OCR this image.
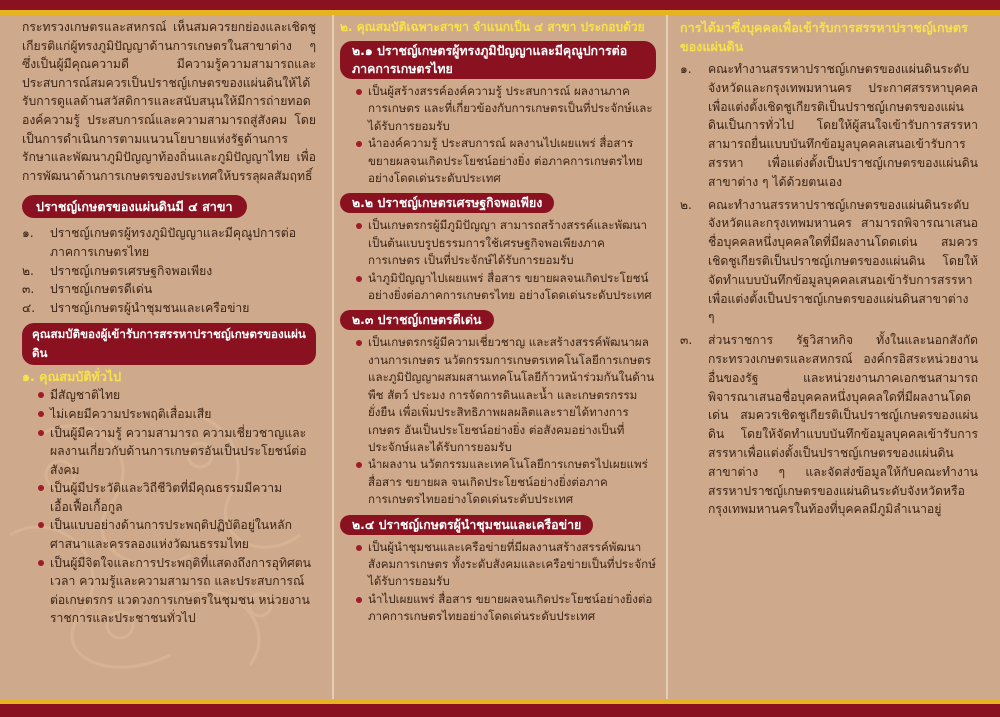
กระทรวงเกษตรและสหกรณ์ เห็นสมควรยกย่องและเชิดชูเกียรติแก่ผู้ทรงภูมิปัญญาด้านการเกษตรในสาขาต่าง ๆ ซึ่งเป็นผู้มีคุณความดี มีความรู้ความสามารถและประสบการณ์สมควรเป็นปราชญ์เกษตรของแผ่นดินให้ได้รับการดูแลด้านสวัสดิการและสนับสนุนให้มีการถ่ายทอดองค์ความรู้ ประสบการณ์และความสามารถสู่สังคม โดยเป็นการดำเนินการตามแนวนโยบายแห่งรัฐด้านการรักษาและพัฒนาภูมิปัญญาท้องถิ่นและภูมิปัญญาไทย เพื่อการพัฒนาด้านการเกษตรของประเทศให้บรรลุผลสัมฤทธิ์

ปราชญ์เกษตรของแผ่นดินมี ๔ สาขา
๑. ปราชญ์เกษตรผู้ทรงภูมิปัญญาและมีคุณูปการต่อภาคการเกษตรไทย
๒. ปราชญ์เกษตรเศรษฐกิจพอเพียง
๓. ปราชญ์เกษตรดีเด่น
๔. ปราชญ์เกษตรผู้นำชุมชนและเครือข่าย
คุณสมบัติของผู้เข้ารับการสรรหาปราชญ์เกษตรของแผ่นดิน
๑. คุณสมบัติทั่วไป
มีสัญชาติไทย
ไม่เคยมีความประพฤติเสื่อมเสีย
เป็นผู้มีความรู้ ความสามารถ ความเชี่ยวชาญและผลงานเกี่ยวกับด้านการเกษตรอันเป็นประโยชน์ต่อสังคม
เป็นผู้มีประวัติและวิถีชีวิตที่มีคุณธรรมมีความเอื้อเฟื้อเกื้อกูล
เป็นแบบอย่างด้านการประพฤติปฏิบัติอยู่ในหลักศาสนาและครรลองแห่งวัฒนธรรมไทย
เป็นผู้มีจิตใจและการประพฤติที่แสดงถึงการอุทิศตน เวลา ความรู้และความสามารถ และประสบการณ์ต่อเกษตรกร แวดวงการเกษตรในชุมชน หน่วยงานราชการและประชาชนทั่วไป
๒. คุณสมบัติเฉพาะสาขา จำแนกเป็น ๔ สาขา ประกอบด้วย
๒.๑ ปราชญ์เกษตรผู้ทรงภูมิปัญญาและมีคุณูปการต่อภาคการเกษตรไทย
เป็นผู้สร้างสรรค์องค์ความรู้ ประสบการณ์ ผลงานภาคการเกษตร และที่เกี่ยวข้องกับการเกษตรเป็นที่ประจักษ์และได้รับการยอมรับ
นำองค์ความรู้ ประสบการณ์ ผลงานไปเผยแพร่ สื่อสาร ขยายผลจนเกิดประโยชน์อย่างยิ่ง ต่อภาคการเกษตรไทยอย่างโดดเด่นระดับประเทศ
๒.๒ ปราชญ์เกษตรเศรษฐกิจพอเพียง
เป็นเกษตรกรผู้มีภูมิปัญญา สามารถสร้างสรรค์และพัฒนาเป็นต้นแบบรูปธรรมการใช้เศรษฐกิจพอเพียงภาคการเกษตร เป็นที่ประจักษ์ได้รับการยอมรับ
นำภูมิปัญญาไปเผยแพร่ สื่อสาร ขยายผลจนเกิดประโยชน์อย่างยิ่งต่อภาคการเกษตรไทย อย่างโดดเด่นระดับประเทศ
๒.๓ ปราชญ์เกษตรดีเด่น
เป็นเกษตรกรผู้มีความเชี่ยวชาญ และสร้างสรรค์พัฒนาผลงานการเกษตร นวัตกรรมการเกษตรเทคโนโลยีการเกษตร และภูมิปัญญาผสมผสานเทคโนโลยีก้าวหน้าร่วมกันในด้านพืช สัตว์ ประมง การจัดการดินและน้ำ และเกษตรกรรมยั่งยืน เพื่อเพิ่มประสิทธิภาพผลผลิตและรายได้ทางการเกษตร อันเป็นประโยชน์อย่างยิ่ง ต่อสังคมอย่างเป็นที่ประจักษ์และได้รับการยอมรับ
นำผลงาน นวัตกรรมและเทคโนโลยีการเกษตรไปเผยแพร่ สื่อสาร ขยายผล จนเกิดประโยชน์อย่างยิ่งต่อภาคการเกษตรไทยอย่างโดดเด่นระดับประเทศ
๒.๔ ปราชญ์เกษตรผู้นำชุมชนและเครือข่าย
เป็นผู้นำชุมชนและเครือข่ายที่มีผลงานสร้างสรรค์พัฒนาสังคมการเกษตร ทั้งระดับสังคมและเครือข่ายเป็นที่ประจักษ์ได้รับการยอมรับ
นำไปเผยแพร่ สื่อสาร ขยายผลจนเกิดประโยชน์อย่างยิ่งต่อภาคการเกษตรไทยอย่างโดดเด่นระดับประเทศ
การได้มาซึ่งบุคคลเพื่อเข้ารับการสรรหาปราชญ์เกษตรของแผ่นดิน
๑. คณะทำงานสรรหาปราชญ์เกษตรของแผ่นดินระดับจังหวัดและกรุงเทพมหานคร ประกาศสรรหาบุคคลเพื่อแต่งตั้งเชิดชูเกียรติเป็นปราชญ์เกษตรของแผ่นดินเป็นการทั่วไป โดยให้ผู้สนใจเข้ารับการสรรหาสามารถยื่นแบบบันทึกข้อมูลบุคคลเสนอเข้ารับการสรรหา เพื่อแต่งตั้งเป็นปราชญ์เกษตรของแผ่นดินสาขาต่าง ๆ ได้ด้วยตนเอง
๒. คณะทำงานสรรหาปราชญ์เกษตรของแผ่นดินระดับจังหวัดและกรุงเทพมหานคร สามารถพิจารณาเสนอชื่อบุคคลหนึ่งบุคคลใดที่มีผลงานโดดเด่น สมควรเชิดชูเกียรติเป็นปราชญ์เกษตรของแผ่นดิน โดยให้จัดทำแบบบันทึกข้อมูลบุคคลเสนอเข้ารับการสรรหา เพื่อแต่งตั้งเป็นปราชญ์เกษตรของแผ่นดินสาขาต่าง ๆ
๓. ส่วนราชการ รัฐวิสาหกิจ ทั้งในและนอกสังกัดกระทรวงเกษตรและสหกรณ์ องค์กรอิสระหน่วยงานอื่นของรัฐ และหน่วยงานภาคเอกชนสามารถพิจารณาเสนอชื่อบุคคลหนึ่งบุคคลใดที่มีผลงานโดดเด่น สมควรเชิดชูเกียรติเป็นปราชญ์เกษตรของแผ่นดิน โดยให้จัดทำแบบบันทึกข้อมูลบุคคลเข้ารับการสรรหาเพื่อแต่งตั้งเป็นปราชญ์เกษตรของแผ่นดินสาขาต่าง ๆ และจัดส่งข้อมูลให้กับคณะทำงานสรรหาปราชญ์เกษตรของแผ่นดินระดับจังหวัดหรือกรุงเทพมหานครในท้องที่บุคคลมีภูมิลำเนาอยู่
